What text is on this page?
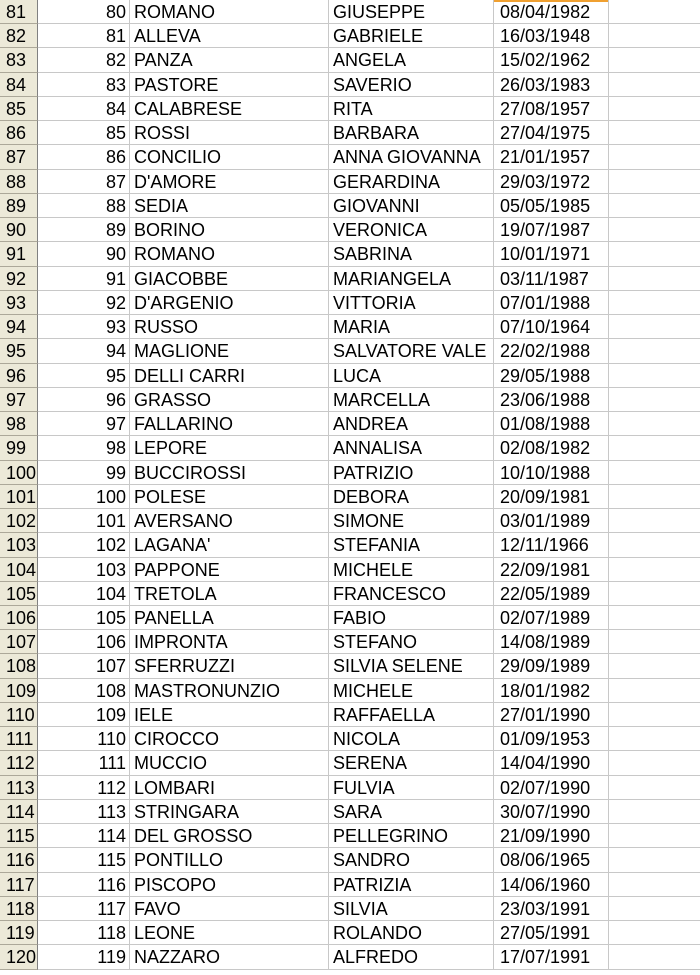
81	80 ROMANO	GIUSEPPE	08/04/1982
82	81 ALLEVA	GABRIELE	16/03/1948
83	82 PANZA	ANGELA	15/02/1962
84	83 PASTORE	SAVERIO	26/03/1983
85	84 CALABRESE	RITA	27/08/1957
86	85 ROSSI	BARBARA	27/04/1975
87	86 CONCILIO	ANNA GIOVANNA	21/01/1957
88	87 D'AMORE	GERARDINA	29/03/1972
89	88 SEDIA	GIOVANNI	05/05/1985
90	89 BORINO	VERONICA	19/07/1987
91	90 ROMANO	SABRINA	10/01/1971
92	91 GIACOBBE	MARIANGELA	03/11/1987
93	92 D'ARGENIO	VITTORIA	07/01/1988
94	93 RUSSO	MARIA	07/10/1964
95	94 MAGLIONE	SALVATORE VALE 22/02/1988
96	95 DELLI CARRI	LUCA	29/05/1988
97	96 GRASSO	MARCELLA	23/06/1988
98	97 FALLARINO	ANDREA	01/08/1988
99	98 LEPORE	ANNALISA	02/08/1982
100	99 BUCCIROSSI	PATRIZIO	10/10/1988
101	100 POLESE	DEBORA	20/09/1981
102	101 AVERSANO	SIMONE	03/01/1989
103	102 LAGANA'	STEFANIA	12/11/1966
104	103 PAPPONE	MICHELE	22/09/1981
105	104 TRETOLA	FRANCESCO	22/05/1989
106	105 PANELLA	FABIO	02/07/1989
107	106 IMPRONTA	STEFANO	14/08/1989
108	107 SFERRUZZI	SILVIA SELENE	29/09/1989
109	108 MASTRONUNZIO	MICHELE	18/01/1982
110	109 IELE	RAFFAELLA	27/01/1990
111	110 CIROCCO	NICOLA	01/09/1953
112	111 MUCCIO	SERENA	14/04/1990
113	112 LOMBARI	FULVIA	02/07/1990
114	113 STRINGARA	SARA	30/07/1990
115	114 DEL GROSSO	PELLEGRINO	21/09/1990
116	115 PONTILLO	SANDRO	08/06/1965
117	116 PISCOPO	PATRIZIA	14/06/1960
118	117 FAVO	SILVIA	23/03/1991
119	118 LEONE	ROLANDO	27/05/1991
120	119 NAZZARO	ALFREDO	17/07/1991
